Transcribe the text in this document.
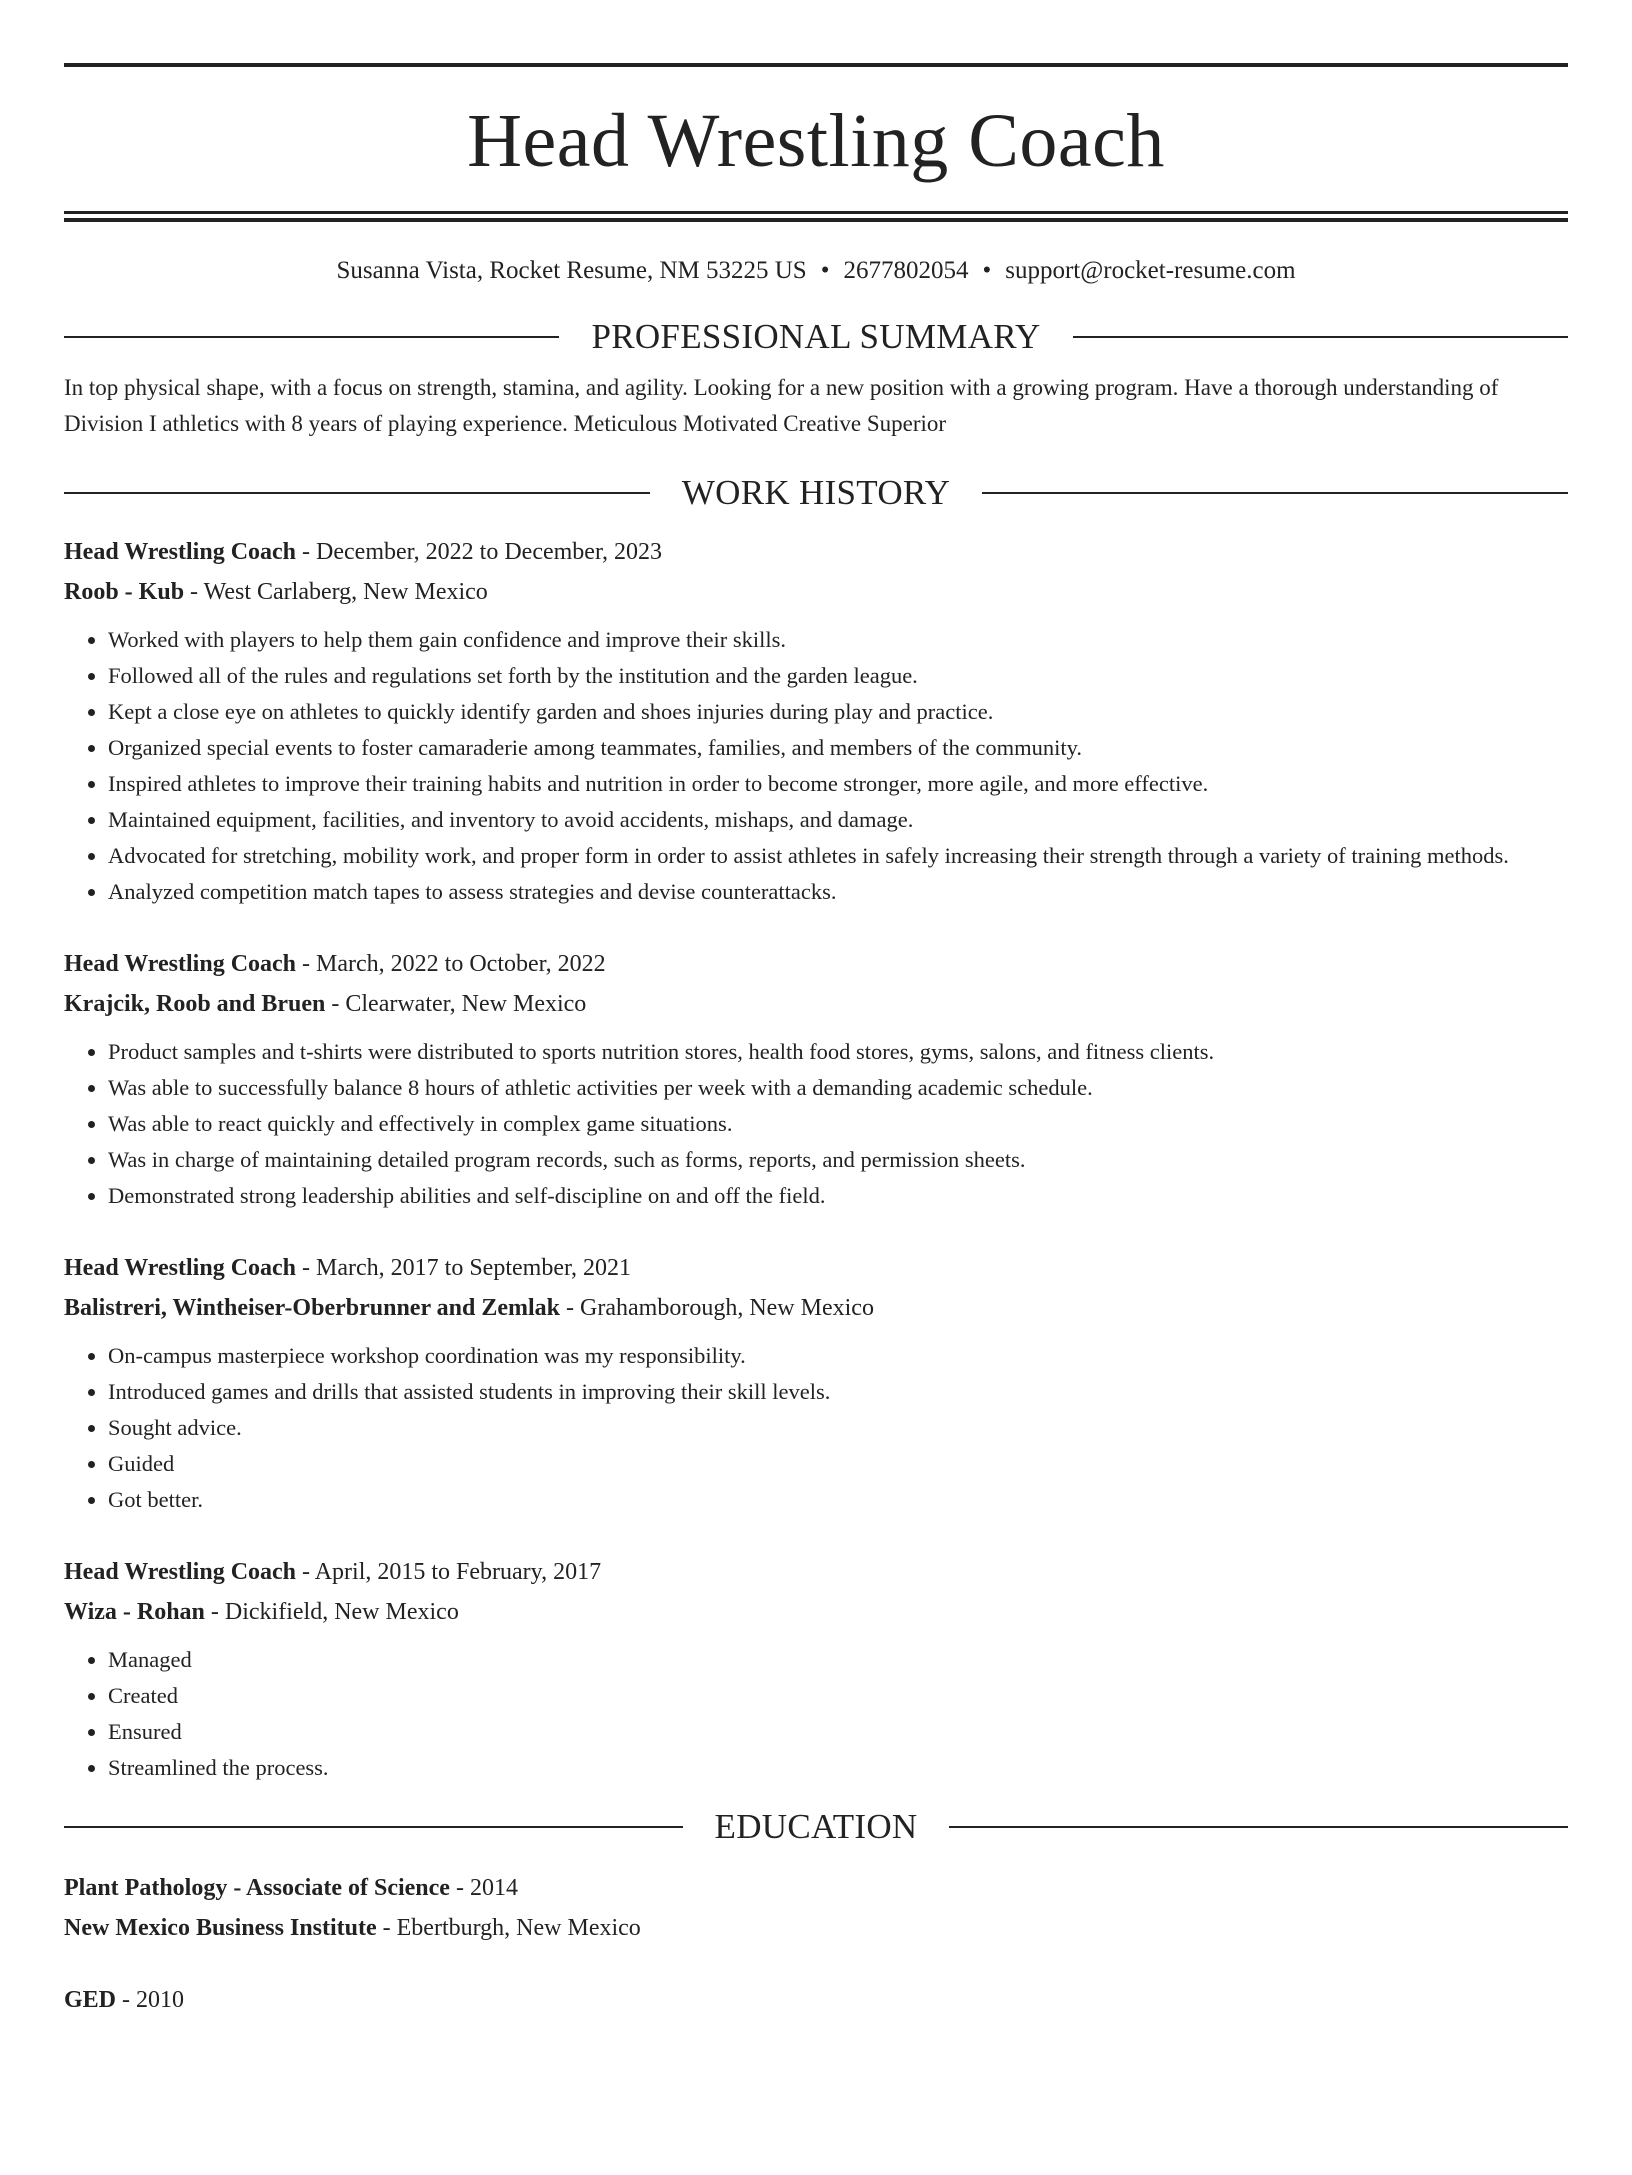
Head Wrestling Coach
Susanna Vista, Rocket Resume, NM 53225 US • 2677802054 • support@rocket-resume.com
PROFESSIONAL SUMMARY
In top physical shape, with a focus on strength, stamina, and agility. Looking for a new position with a growing program. Have a thorough understanding of Division I athletics with 8 years of playing experience. Meticulous Motivated Creative Superior
WORK HISTORY
Head Wrestling Coach - December, 2022 to December, 2023
Roob - Kub - West Carlaberg, New Mexico
• Worked with players to help them gain confidence and improve their skills.
• Followed all of the rules and regulations set forth by the institution and the garden league.
• Kept a close eye on athletes to quickly identify garden and shoes injuries during play and practice.
• Organized special events to foster camaraderie among teammates, families, and members of the community.
• Inspired athletes to improve their training habits and nutrition in order to become stronger, more agile, and more effective.
• Maintained equipment, facilities, and inventory to avoid accidents, mishaps, and damage.
• Advocated for stretching, mobility work, and proper form in order to assist athletes in safely increasing their strength through a variety of training methods.
• Analyzed competition match tapes to assess strategies and devise counterattacks.
Head Wrestling Coach - March, 2022 to October, 2022
Krajcik, Roob and Bruen - Clearwater, New Mexico
• Product samples and t-shirts were distributed to sports nutrition stores, health food stores, gyms, salons, and fitness clients.
• Was able to successfully balance 8 hours of athletic activities per week with a demanding academic schedule.
• Was able to react quickly and effectively in complex game situations.
• Was in charge of maintaining detailed program records, such as forms, reports, and permission sheets.
• Demonstrated strong leadership abilities and self-discipline on and off the field.
Head Wrestling Coach - March, 2017 to September, 2021
Balistreri, Wintheiser-Oberbrunner and Zemlak - Grahamborough, New Mexico
• On-campus masterpiece workshop coordination was my responsibility.
• Introduced games and drills that assisted students in improving their skill levels.
• Sought advice.
• Guided
• Got better.
Head Wrestling Coach - April, 2015 to February, 2017
Wiza - Rohan - Dickifield, New Mexico
• Managed
• Created
• Ensured
• Streamlined the process.
EDUCATION
Plant Pathology - Associate of Science - 2014
New Mexico Business Institute - Ebertburgh, New Mexico
GED - 2010
